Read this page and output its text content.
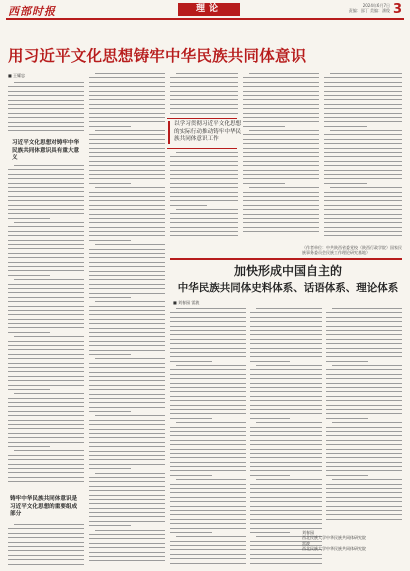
西部时报	理论	2024年6月7日
责编：邵丁 美编：潘俊 3
用习近平文化思想铸牢中华民族共同体意识
■ 王耀忠
习近平文化思想对铸牢中华民族共同体意识具有重大意义
铸牢中华民族共同体意识是习近平文化思想的重要组成部分
以学习贯彻习近平文化思想的实际行动推动铸牢中华民族共同体意识工作
（作者单位：中共陕西省委党校（陕西行政学院）国家民族事务委员会民族工作理论研究基地）
加快形成中国自主的
中华民族共同体史料体系、话语体系、理论体系
■ 刘春园 雷波
刘春园
西北民族大学中华民族共同体研究院
雷波
西北民族大学中华民族共同体研究院
